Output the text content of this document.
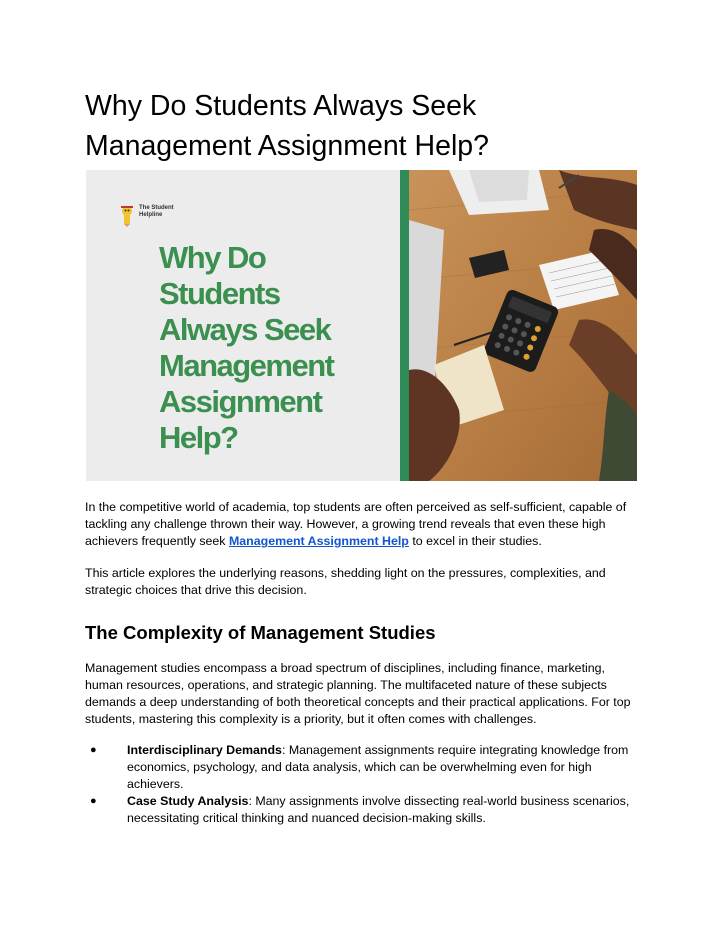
Why Do Students Always Seek Management Assignment Help?
The Student
Helpline
Why Do
Students
Always Seek
Management
Assignment
Help?

In the competitive world of academia, top students are often perceived as self-sufficient, capable of tackling any challenge thrown their way. However, a growing trend reveals that even these high achievers frequently seek Management Assignment Help to excel in their studies.

This article explores the underlying reasons, shedding light on the pressures, complexities, and strategic choices that drive this decision.

The Complexity of Management Studies

Management studies encompass a broad spectrum of disciplines, including finance, marketing, human resources, operations, and strategic planning. The multifaceted nature of these subjects demands a deep understanding of both theoretical concepts and their practical applications. For top students, mastering this complexity is a priority, but it often comes with challenges.

● Interdisciplinary Demands: Management assignments require integrating knowledge from economics, psychology, and data analysis, which can be overwhelming even for high achievers.
● Case Study Analysis: Many assignments involve dissecting real-world business scenarios, necessitating critical thinking and nuanced decision-making skills.
